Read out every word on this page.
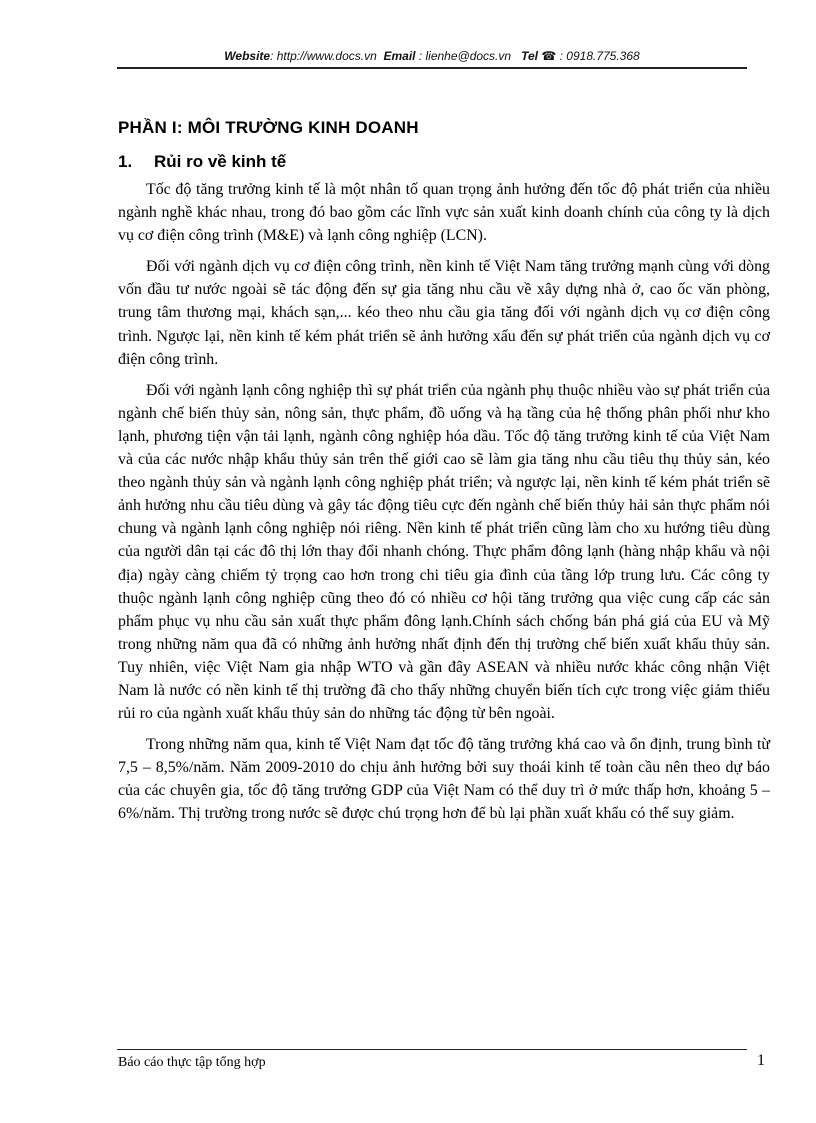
Website: http://www.docs.vn Email : lienhe@docs.vn Tel ☎ : 0918.775.368
PHẦN I: MÔI TRƯỜNG KINH DOANH
1. Rủi ro về kinh tế

Tốc độ tăng trưởng kinh tế là một nhân tố quan trọng ảnh hưởng đến tốc độ phát triển của nhiều ngành nghề khác nhau, trong đó bao gồm các lĩnh vực sản xuất kinh doanh chính của công ty là dịch vụ cơ điện công trình (M&E) và lạnh công nghiệp (LCN).

Đối với ngành dịch vụ cơ điện công trình, nền kinh tế Việt Nam tăng trưởng mạnh cùng với dòng vốn đầu tư nước ngoài sẽ tác động đến sự gia tăng nhu cầu về xây dựng nhà ở, cao ốc văn phòng, trung tâm thương mại, khách sạn,... kéo theo nhu cầu gia tăng đối với ngành dịch vụ cơ điện công trình. Ngược lại, nền kinh tế kém phát triển sẽ ảnh hưởng xấu đến sự phát triển của ngành dịch vụ cơ điện công trình.

Đối với ngành lạnh công nghiệp thì sự phát triển của ngành phụ thuộc nhiều vào sự phát triển của ngành chế biến thủy sản, nông sản, thực phẩm, đồ uống và hạ tầng của hệ thống phân phối như kho lạnh, phương tiện vận tải lạnh, ngành công nghiệp hóa dầu. Tốc độ tăng trưởng kinh tế của Việt Nam và của các nước nhập khẩu thủy sản trên thế giới cao sẽ làm gia tăng nhu cầu tiêu thụ thủy sản, kéo theo ngành thủy sản và ngành lạnh công nghiệp phát triển; và ngược lại, nền kinh tế kém phát triển sẽ ảnh hưởng nhu cầu tiêu dùng và gây tác động tiêu cực đến ngành chế biến thủy hải sản thực phẩm nói chung và ngành lạnh công nghiệp nói riêng. Nền kinh tế phát triển cũng làm cho xu hướng tiêu dùng của người dân tại các đô thị lớn thay đổi nhanh chóng. Thực phẩm đông lạnh (hàng nhập khẩu và nội địa) ngày càng chiếm tỷ trọng cao hơn trong chi tiêu gia đình của tầng lớp trung lưu. Các công ty thuộc ngành lạnh công nghiệp cũng theo đó có nhiều cơ hội tăng trưởng qua việc cung cấp các sản phẩm phục vụ nhu cầu sản xuất thực phẩm đông lạnh.Chính sách chống bán phá giá của EU và Mỹ trong những năm qua đã có những ảnh hưởng nhất định đến thị trường chế biến xuất khẩu thủy sản. Tuy nhiên, việc Việt Nam gia nhập WTO và gần đây ASEAN và nhiều nước khác công nhận Việt Nam là nước có nền kinh tế thị trường đã cho thấy những chuyển biến tích cực trong việc giảm thiểu rủi ro của ngành xuất khẩu thủy sản do những tác động từ bên ngoài.

Trong những năm qua, kinh tế Việt Nam đạt tốc độ tăng trưởng khá cao và ổn định, trung bình từ 7,5 – 8,5%/năm. Năm 2009-2010 do chịu ảnh hưởng bởi suy thoái kinh tế toàn cầu nên theo dự báo của các chuyên gia, tốc độ tăng trưởng GDP của Việt Nam có thể duy trì ở mức thấp hơn, khoảng 5 – 6%/năm. Thị trường trong nước sẽ được chú trọng hơn để bù lại phần xuất khẩu có thể suy giảm.

Báo cáo thực tập tổng hợp	1
